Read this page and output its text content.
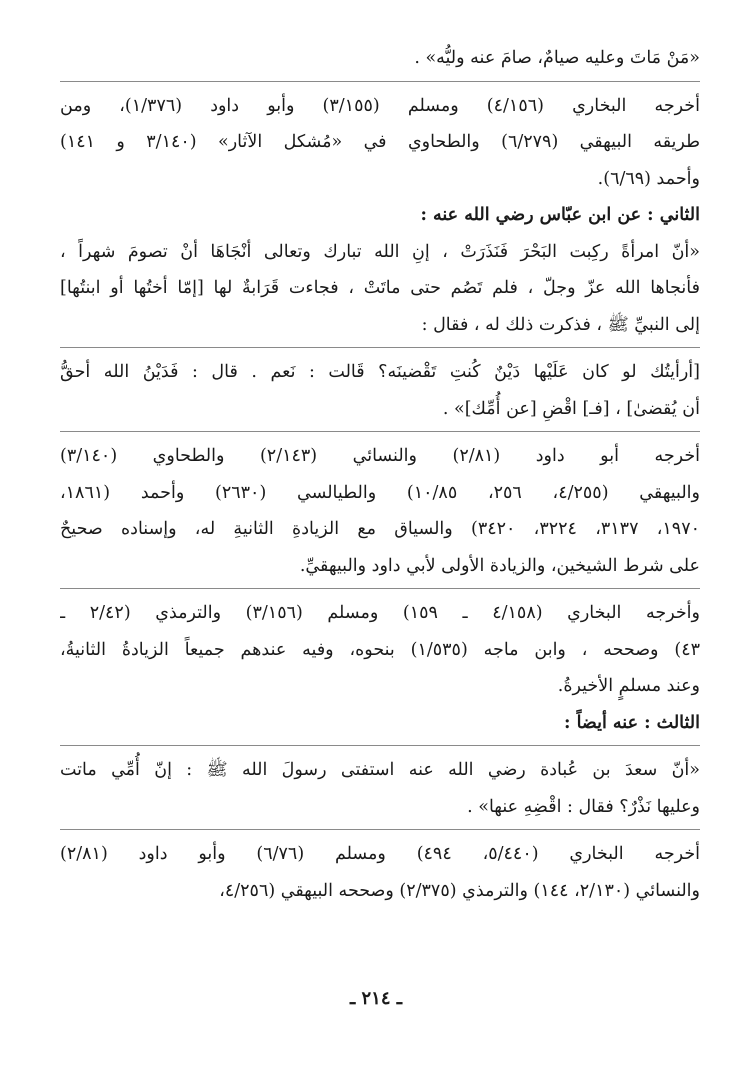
«مَنْ مَاتَ وعليه صيامٌ، صامَ عنه وليُّه» .
أخرجه البخاري (٤/١٥٦) ومسلم (٣/١٥٥) وأبو داود (١/٣٧٦)، ومن
طريقه البيهقي (٦/٢٧٩) والطحاوي في «مُشكل الآثار» (٣/١٤٠ و ١٤١)
وأحمد (٦/٦٩).
الثاني : عن ابن عبّاس رضي الله عنه :
«أنّ امرأةً ركِبت البَحْرَ فَنَذَرَتْ ، إنِ الله تبارك وتعالى أنْجَاهَا أنْ تصومَ شهراً ،
فأنجاها الله عزّ وجلّ ، فلم تَصُم حتى ماتَتْ ، فجاءت قَرَابةٌ لها [إمّا أختُها أو ابنتُها]
إلى النبيِّ ﷺ ، فذكرت ذلك له ، فقال :
[أرأيتُك لو كان عَلَيْها دَيْنٌ كُنتِ تَقْضينَه؟ قَالت : نَعم . قال : فَدَيْنُ الله أحقُّ
أن يُقضىٰ] ، [فـ] اقْضِ [عن أُمِّك]» .
أخرجه أبو داود (٢/٨١) والنسائي (٢/١٤٣) والطحاوي (٣/١٤٠)
والبيهقي (٤/٢٥٥، ٢٥٦، ١٠/٨٥) والطيالسي (٢٦٣٠) وأحمد (١٨٦١،
١٩٧٠، ٣١٣٧، ٣٢٢٤، ٣٤٢٠) والسياق مع الزيادةِ الثانيةِ له، وإسناده صحيحٌ
على شرط الشيخين، والزيادة الأولى لأبي داود والبيهقيِّ.
وأخرجه البخاري (٤/١٥٨ ـ ١٥٩) ومسلم (٣/١٥٦) والترمذي (٢/٤٢ ـ
٤٣) وصححه ، وابن ماجه (١/٥٣٥) بنحوه، وفيه عندهم جميعاً الزيادةُ الثانيةُ،
وعند مسلمٍ الأخيرةُ.
الثالث : عنه أيضاً :
«أنّ سعدَ بن عُبادة رضي الله عنه استفتى رسولَ الله ﷺ : إنّ أُمِّي ماتت
وعليها نَذْرٌ؟ فقال : اقْضِهِ عنها» .
أخرجه البخاري (٥/٤٤٠، ٤٩٤) ومسلم (٦/٧٦) وأبو داود (٢/٨١)
والنسائي (٢/١٣٠، ١٤٤) والترمذي (٢/٣٧٥) وصححه البيهقي (٤/٢٥٦،
ـ ٢١٤ ـ
